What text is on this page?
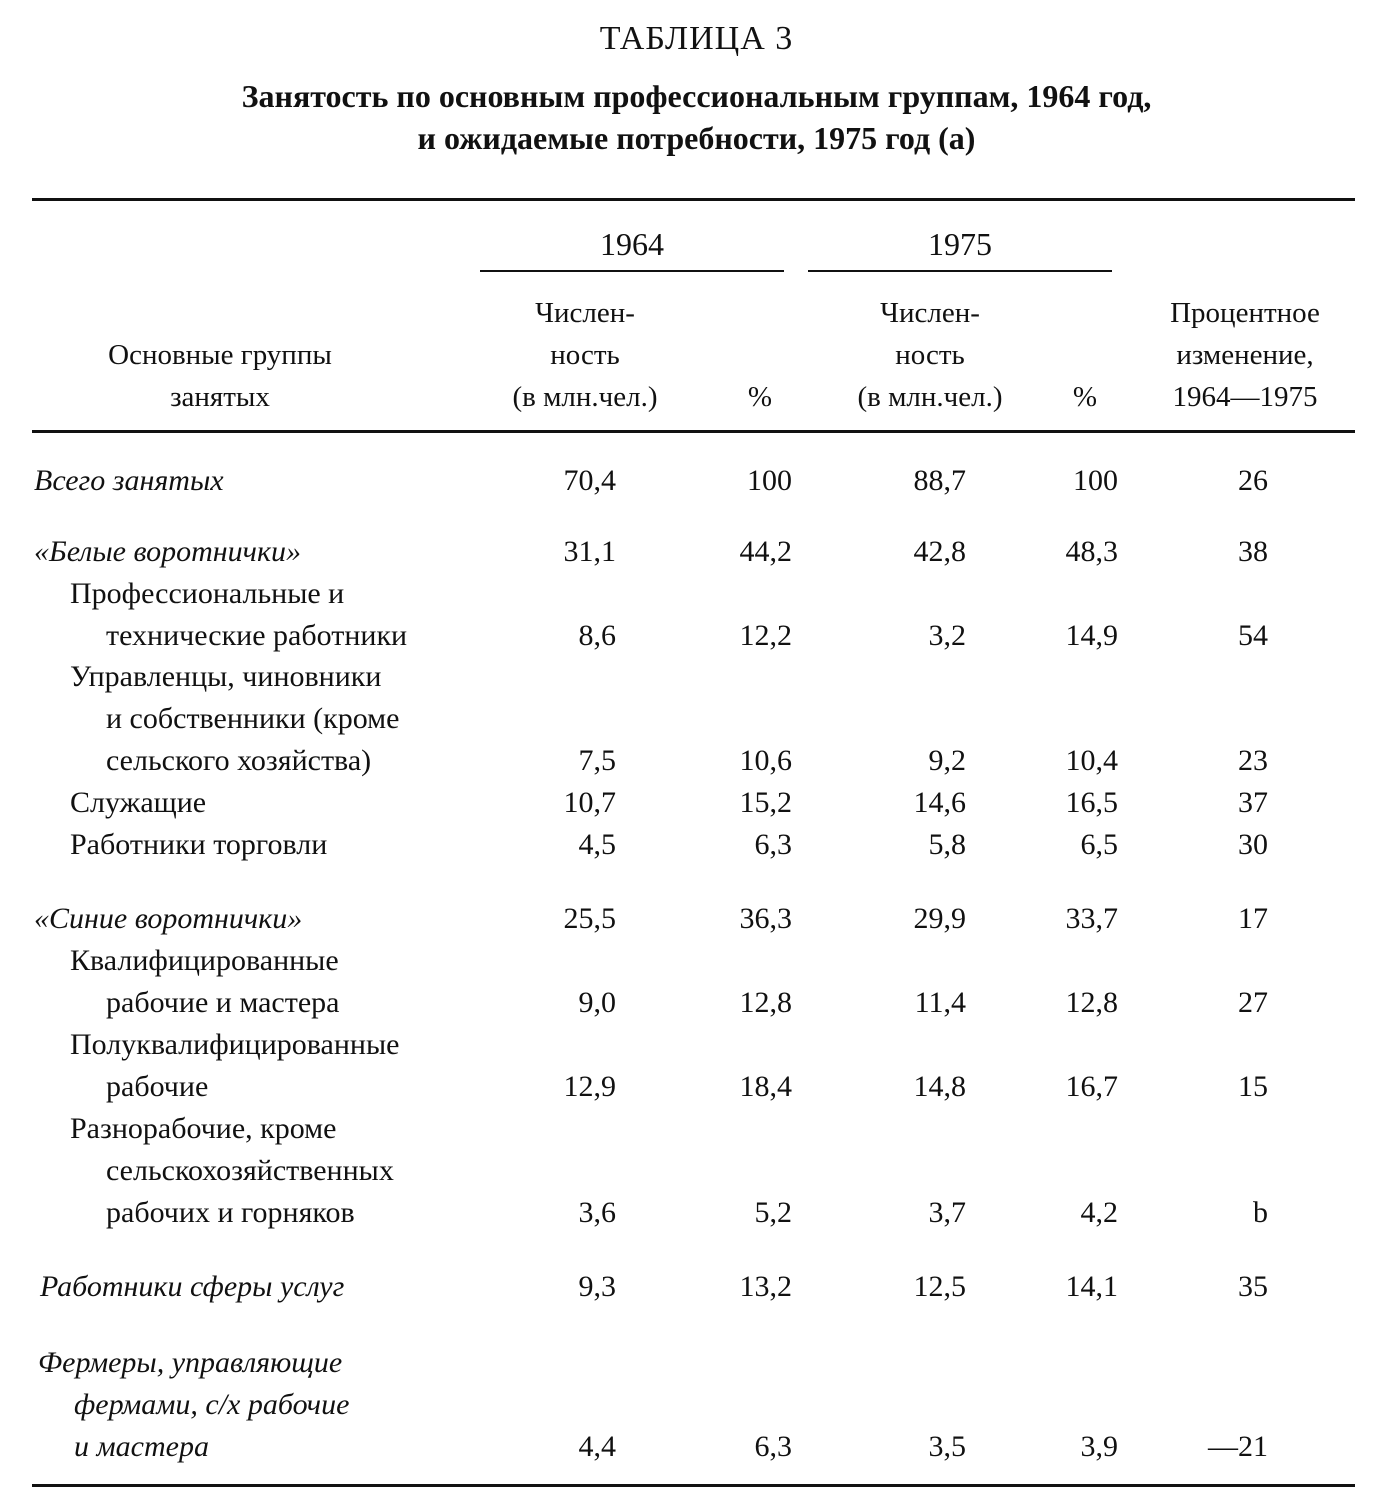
ТАБЛИЦА 3
Занятость по основным профессиональным группам, 1964 год,
и ожидаемые потребности, 1975 год (а)
1964	1975
Основные группы
занятых
Числен-
ность
(в млн.чел.)	%
Числен-
ность
(в млн.чел.)	%
Процентное
изменение,
1964—1975
Всего занятых	70,4	100	88,7	100	26
«Белые воротнички»	31,1	44,2	42,8	48,3	38
Профессиональные и
технические работники	8,6	12,2	3,2	14,9	54
Управленцы, чиновники
и собственники (кроме
сельского хозяйства)	7,5	10,6	9,2	10,4	23
Служащие	10,7	15,2	14,6	16,5	37
Работники торговли	4,5	6,3	5,8	6,5	30
«Синие воротнички»	25,5	36,3	29,9	33,7	17
Квалифицированные
рабочие и мастера	9,0	12,8	11,4	12,8	27
Полуквалифицированные
рабочие	12,9	18,4	14,8	16,7	15
Разнорабочие, кроме
сельскохозяйственных
рабочих и горняков	3,6	5,2	3,7	4,2	b
Работники сферы услуг	9,3	13,2	12,5	14,1	35
Фермеры, управляющие
фермами, с/х рабочие
и мастера	4,4	6,3	3,5	3,9	—21
